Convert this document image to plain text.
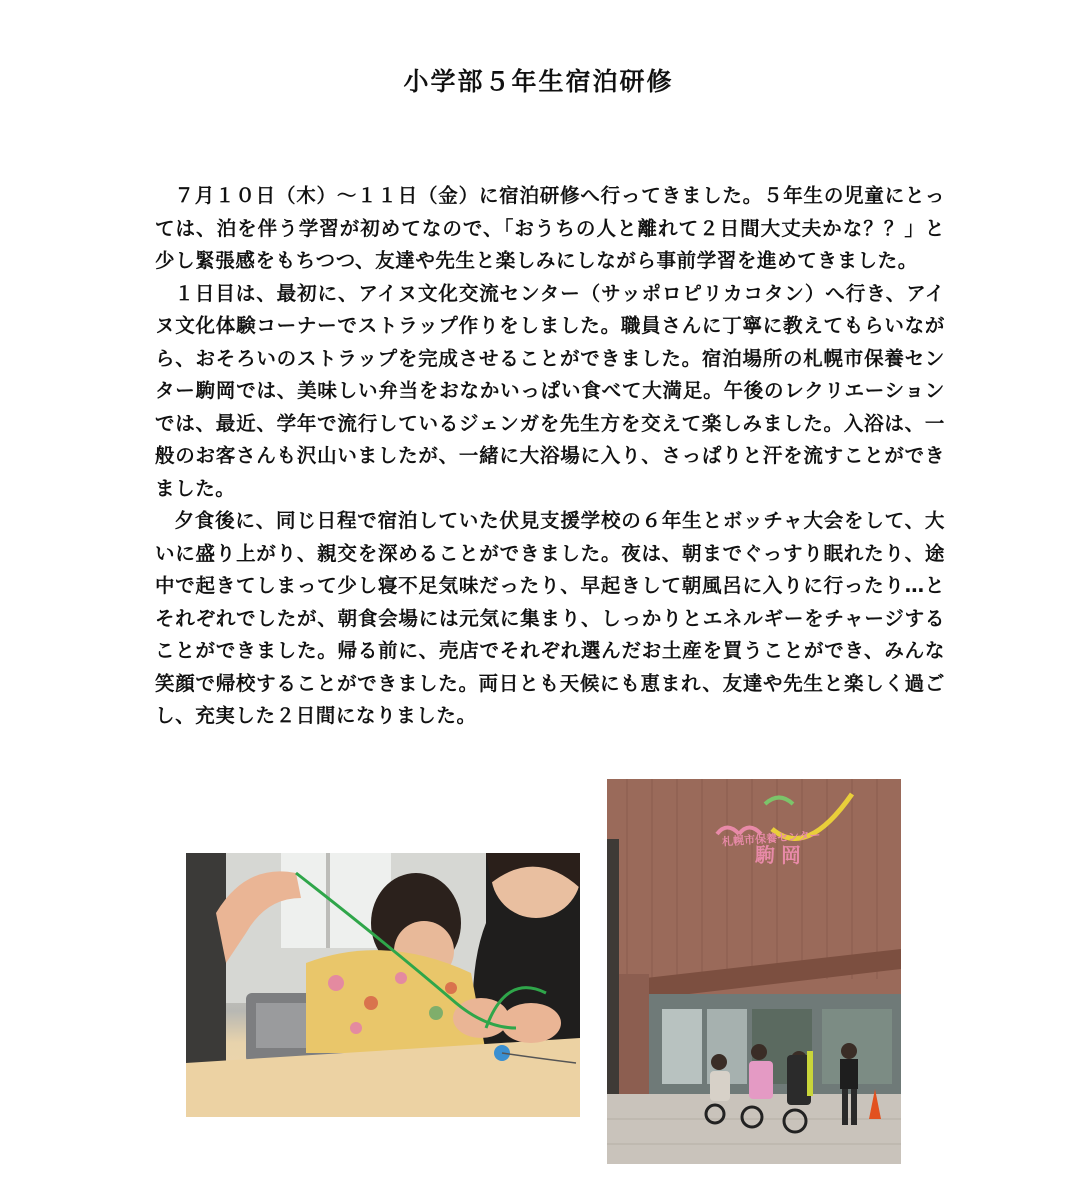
小学部５年生宿泊研修

７月１０日（木）～１１日（金）に宿泊研修へ行ってきました。５年生の児童にとっては、泊を伴う学習が初めてなので、「おうちの人と離れて２日間大丈夫かな？？」と少し緊張感をもちつつ、友達や先生と楽しみにしながら事前学習を進めてきました。

１日目は、最初に、アイヌ文化交流センター（サッポロピリカコタン）へ行き、アイヌ文化体験コーナーでストラップ作りをしました。職員さんに丁寧に教えてもらいながら、おそろいのストラップを完成させることができました。宿泊場所の札幌市保養センター駒岡では、美味しい弁当をおなかいっぱい食べて大満足。午後のレクリエーションでは、最近、学年で流行しているジェンガを先生方を交えて楽しみました。入浴は、一般のお客さんも沢山いましたが、一緒に大浴場に入り、さっぱりと汗を流すことができました。

夕食後に、同じ日程で宿泊していた伏見支援学校の６年生とボッチャ大会をして、大いに盛り上がり、親交を深めることができました。夜は、朝までぐっすり眠れたり、途中で起きてしまって少し寝不足気味だったり、早起きして朝風呂に入りに行ったり…とそれぞれでしたが、朝食会場には元気に集まり、しっかりとエネルギーをチャージすることができました。帰る前に、売店でそれぞれ選んだお土産を買うことができ、みんな笑顔で帰校することができました。両日とも天候にも恵まれ、友達や先生と楽しく過ごし、充実した２日間になりました。

札幌市保養センター
駒岡
